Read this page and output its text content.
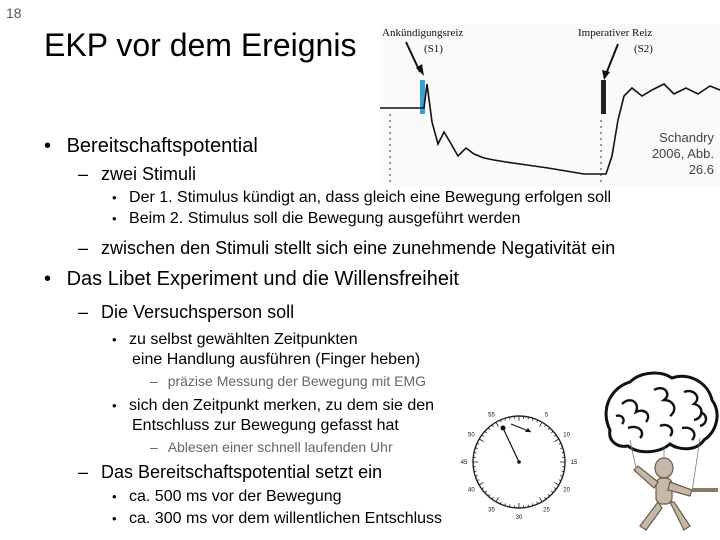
18
EKP vor dem Ereignis	Ankündigungsreiz
(S1)
Imperativer Reiz
(S2)
Schandry 2006, Abb. 26.6
• Bereitschaftspotential
– zwei Stimuli
• Der 1. Stimulus kündigt an, dass gleich eine Bewegung erfolgen soll
• Beim 2. Stimulus soll die Bewegung ausgeführt werden
– zwischen den Stimuli stellt sich eine zunehmende Negativität ein
• Das Libet Experiment und die Willensfreiheit
– Die Versuchsperson soll
• zu selbst gewählten Zeitpunkten
eine Handlung ausführen (Finger heben)
– präzise Messung der Bewegung mit EMG
• sich den Zeitpunkt merken, zu dem sie den
Entschluss zur Bewegung gefasst hat
– Ablesen einer schnell laufenden Uhr
– Das Bereitschaftspotential setzt ein
• ca. 500 ms vor der Bewegung
• ca. 300 ms vor dem willentlichen Entschluss
55	5
10
15
20
25
30
35
40
45
50
